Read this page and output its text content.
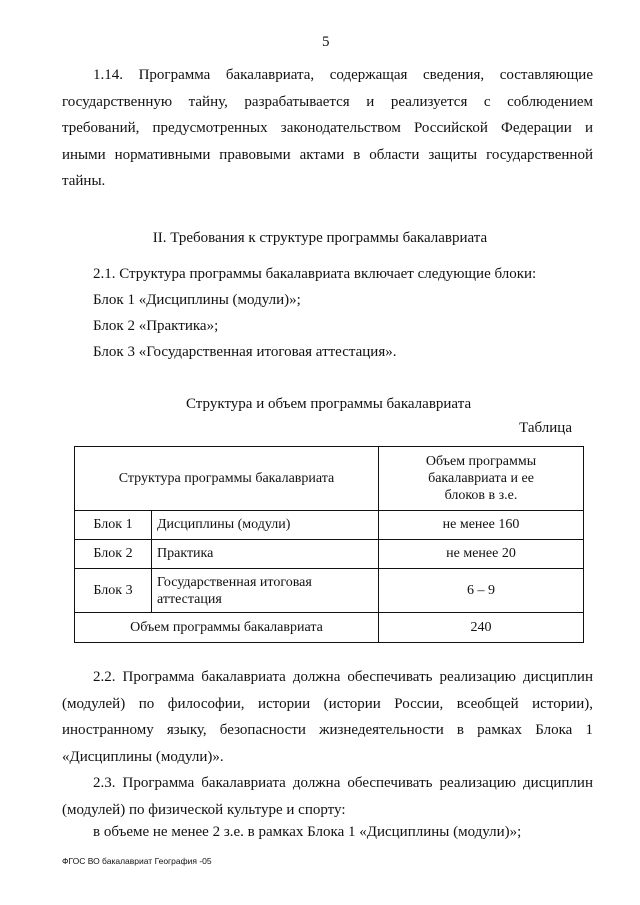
5

1.14. Программа бакалавриата, содержащая сведения, составляющие государственную тайну, разрабатывается и реализуется с соблюдением требований, предусмотренных законодательством Российской Федерации и иными нормативными правовыми актами в области защиты государственной тайны.

II. Требования к структуре программы бакалавриата
2.1. Структура программы бакалавриата включает следующие блоки:
Блок 1 «Дисциплины (модули)»;
Блок 2 «Практика»;
Блок 3 «Государственная итоговая аттестация».
Структура и объем программы бакалавриата
Таблица
Структура программы бакалавриата		Объем программы бакалавриата и ее блоков в з.е.

Блок 1	Дисциплины (модули)	не менее 160
Блок 2	Практика	не менее 20
Блок 3	Государственная итоговая аттестация	6 – 9
Объем программы бакалавриата		240

2.2. Программа бакалавриата должна обеспечивать реализацию дисциплин (модулей) по философии, истории (истории России, всеобщей истории), иностранному языку, безопасности жизнедеятельности в рамках Блока 1 «Дисциплины (модули)».

2.3. Программа бакалавриата должна обеспечивать реализацию дисциплин (модулей) по физической культуре и спорту:

в объеме не менее 2 з.е. в рамках Блока 1 «Дисциплины (модули)»;
ФГОС ВО бакалавриат География -05
